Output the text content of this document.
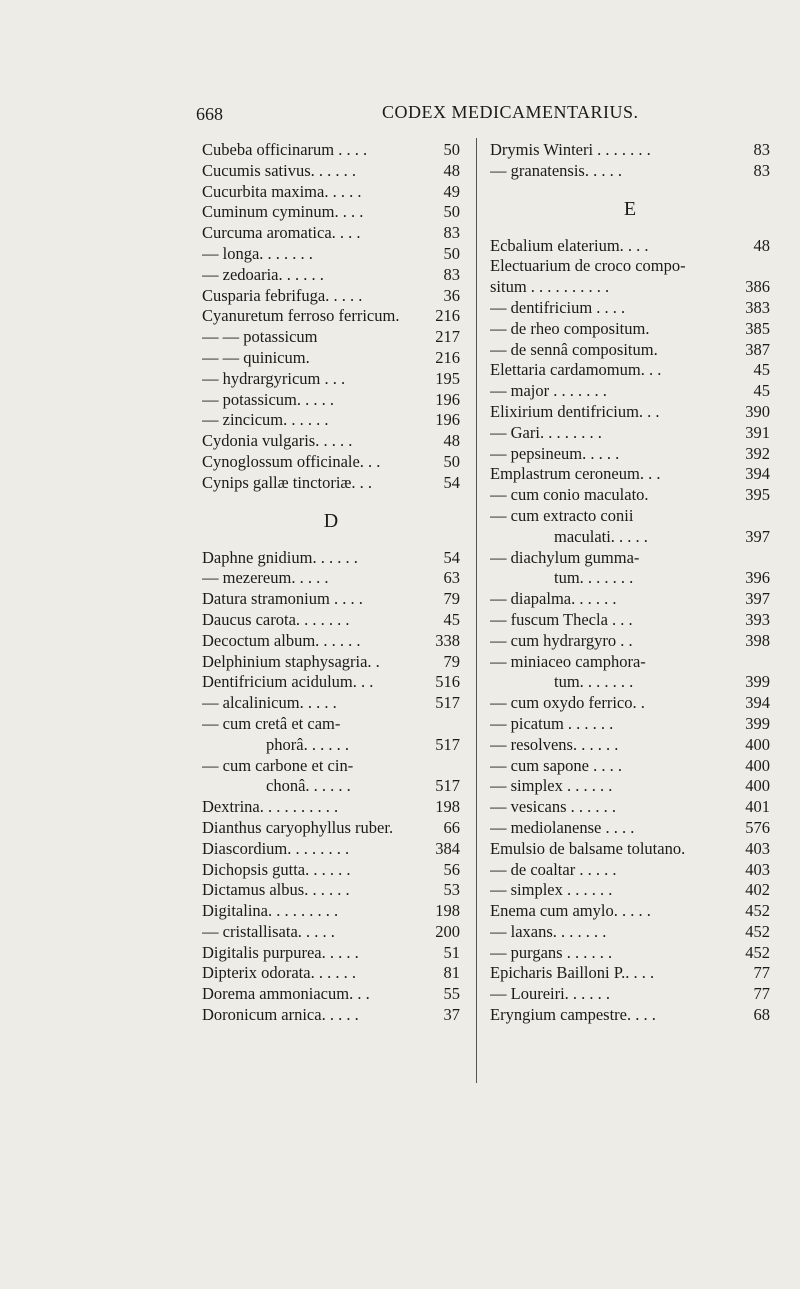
668	CODEX MEDICAMENTARIUS.
Cubeba officinarum . . . .	50
Cucumis sativus. . . . . .	48
Cucurbita maxima. . . . .	49
Cuminum cyminum. . . .	50
Curcuma aromatica. . . .	83
— longa. . . . . . .	50
— zedoaria. . . . . .	83
Cusparia febrifuga. . . . .	36
Cyanuretum ferroso ferricum.	216
— — potassicum	217
— — quinicum.	216
— hydrargyricum . . .	195
— potassicum. . . . .	196
— zincicum. . . . . .	196
Cydonia vulgaris. . . . .	48
Cynoglossum officinale. . .	50
Cynips gallæ tinctoriæ. . .	54
D
Daphne gnidium. . . . . .	54
— mezereum. . . . .	63
Datura stramonium . . . .	79
Daucus carota. . . . . . .	45
Decoctum album. . . . . .	338
Delphinium staphysagria. .	79
Dentifricium acidulum. . .	516
— alcalinicum. . . . .	517
— cum cretâ et cam-
phorâ. . . . . .	517
— cum carbone et cin-
chonâ. . . . . .	517
Dextrina. . . . . . . . . .	198
Dianthus caryophyllus ruber.	66
Diascordium. . . . . . . .	384
Dichopsis gutta. . . . . .	56
Dictamus albus. . . . . .	53
Digitalina. . . . . . . . .	198
— cristallisata. . . . .	200
Digitalis purpurea. . . . .	51
Dipterix odorata. . . . . .	81
Dorema ammoniacum. . .	55
Doronicum arnica. . . . .	37
Drymis Winteri . . . . . . .	83
— granatensis. . . . .	83
E
Ecbalium elaterium. . . .	48
Electuarium de croco compo-
situm . . . . . . . . . .	386
— dentifricium . . . .	383
— de rheo compositum.	385
— de sennâ compositum.	387
Elettaria cardamomum. . .	45
— major . . . . . . .	45
Elixirium dentifricium. . .	390
— Gari. . . . . . . .	391
— pepsineum. . . . .	392
Emplastrum ceroneum. . .	394
— cum conio maculato.	395
— cum extracto conii
maculati. . . . .	397
— diachylum gumma-
tum. . . . . . .	396
— diapalma. . . . . .	397
— fuscum Thecla . . .	393
— cum hydrargyro . .	398
— miniaceo camphora-
tum. . . . . . .	399
— cum oxydo ferrico. .	394
— picatum . . . . . .	399
— resolvens. . . . . .	400
— cum sapone . . . .	400
— simplex . . . . . .	400
— vesicans . . . . . .	401
— mediolanense . . . .	576
Emulsio de balsame tolutano.	403
— de coaltar . . . . .	403
— simplex . . . . . .	402
Enema cum amylo. . . . .	452
— laxans. . . . . . .	452
— purgans . . . . . .	452
Epicharis Bailloni P.. . . .	77
— Loureiri. . . . . .	77
Eryngium campestre. . . .	68
